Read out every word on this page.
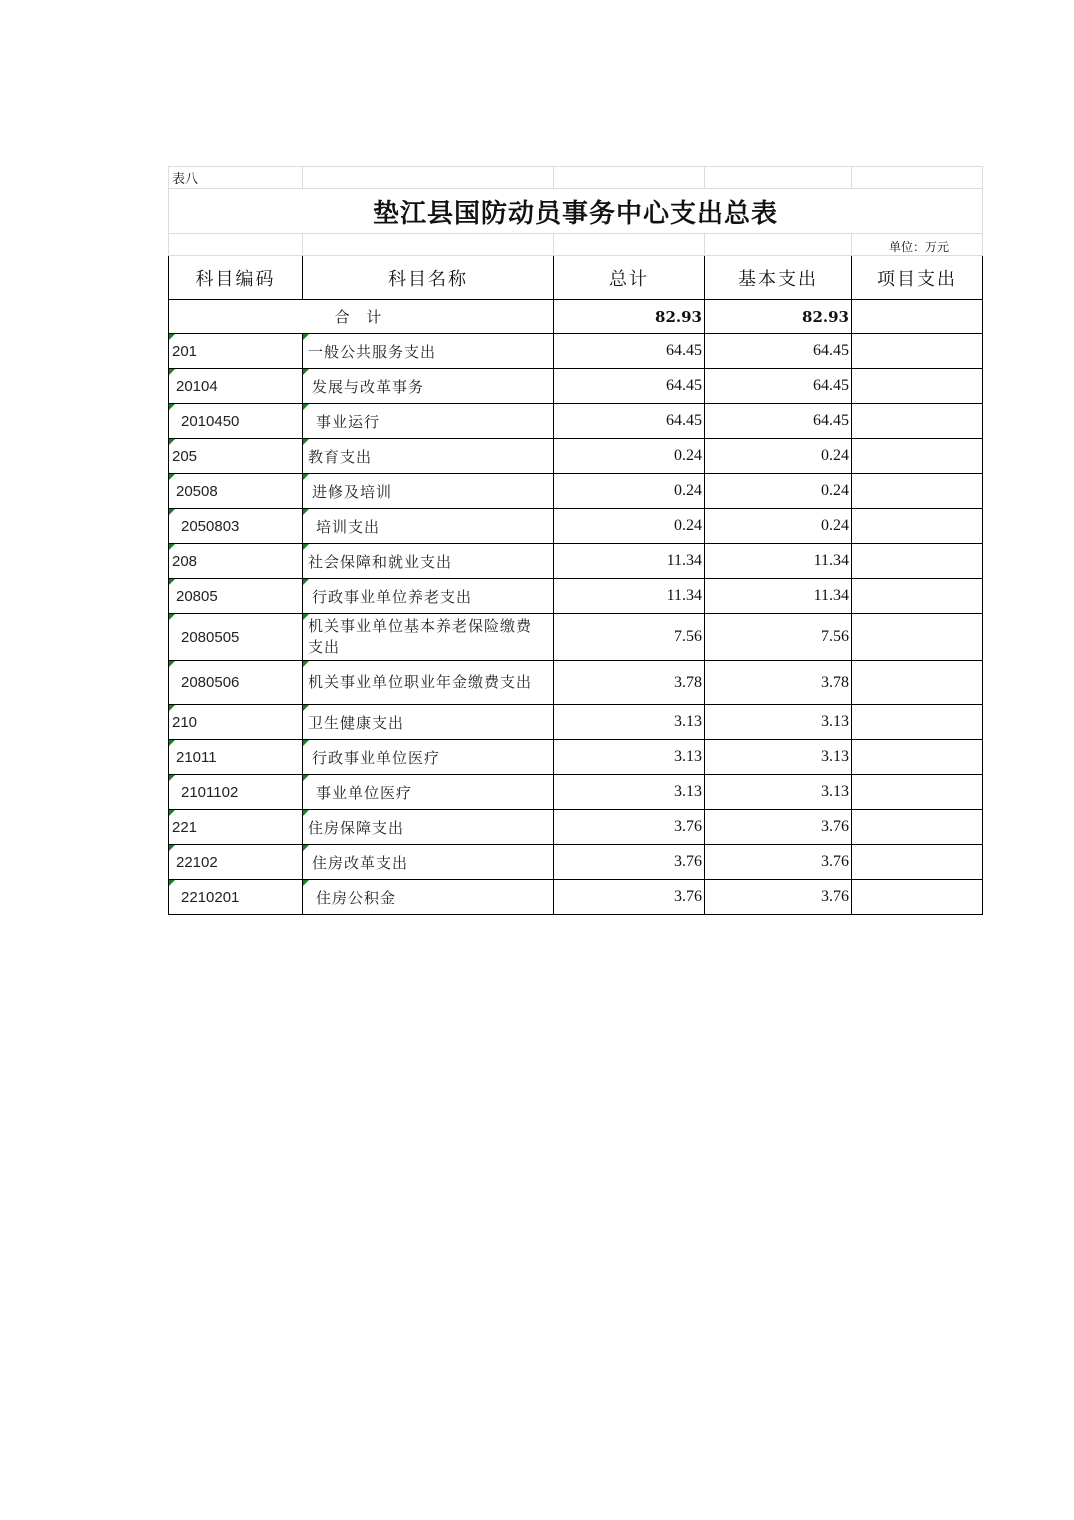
表八				
垫江县国防动员事务中心支出总表				
				单位：万元
科目编码	科目名称	总计	基本支出	项目支出
合 计		82.93	82.93	

201	一般公共服务支出	64.45	64.45	

20104	发展与改革事务	64.45	64.45	

2010450	事业运行	64.45	64.45	

205	教育支出	0.24	0.24	

20508	进修及培训	0.24	0.24	

2050803	培训支出	0.24	0.24	

208	社会保障和就业支出	11.34	11.34	

20805	行政事业单位养老支出	11.34	11.34	

2080505	机关事业单位基本养老保险缴费支出	7.56	7.56	

2080506	机关事业单位职业年金缴费支出	3.78	3.78	

210	卫生健康支出	3.13	3.13	

21011	行政事业单位医疗	3.13	3.13	

2101102	事业单位医疗	3.13	3.13	

221	住房保障支出	3.76	3.76	

22102	住房改革支出	3.76	3.76	

2210201	住房公积金	3.76	3.76	
